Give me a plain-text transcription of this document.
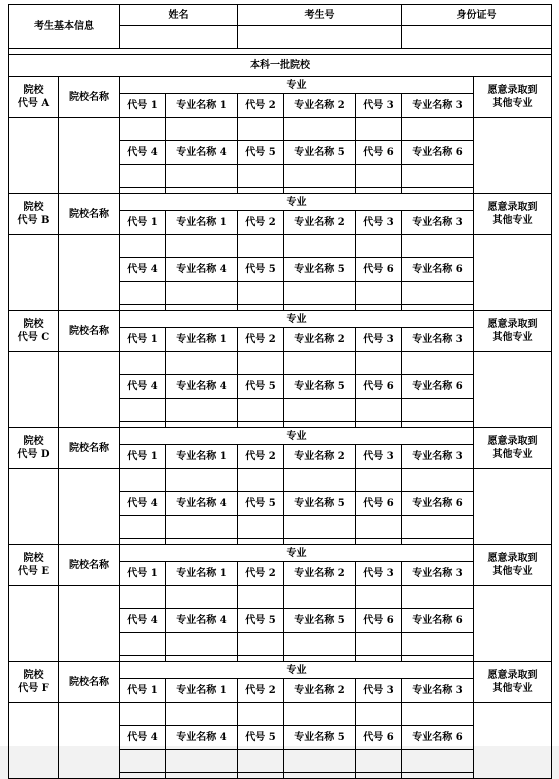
考生基本信息		姓名		考生号			身份证号	

本科一批院校								
院校
代号 A	院校名称	专业						愿意录取到
其他专业
		代号 1	专业名称 1	代号 2	专业名称 2	代号 3	专业名称 3	

		代号 4	专业名称 4	代号 5	专业名称 5	代号 6	专业名称 6	

院校
代号 B	院校名称	专业						愿意录取到
其他专业
		代号 1	专业名称 1	代号 2	专业名称 2	代号 3	专业名称 3	

		代号 4	专业名称 4	代号 5	专业名称 5	代号 6	专业名称 6	

院校
代号 C	院校名称	专业						愿意录取到
其他专业
		代号 1	专业名称 1	代号 2	专业名称 2	代号 3	专业名称 3	

		代号 4	专业名称 4	代号 5	专业名称 5	代号 6	专业名称 6	

院校
代号 D	院校名称	专业						愿意录取到
其他专业
		代号 1	专业名称 1	代号 2	专业名称 2	代号 3	专业名称 3	

		代号 4	专业名称 4	代号 5	专业名称 5	代号 6	专业名称 6	

院校
代号 E	院校名称	专业						愿意录取到
其他专业
		代号 1	专业名称 1	代号 2	专业名称 2	代号 3	专业名称 3	

		代号 4	专业名称 4	代号 5	专业名称 5	代号 6	专业名称 6	

院校
代号 F	院校名称	专业						愿意录取到
其他专业
		代号 1	专业名称 1	代号 2	专业名称 2	代号 3	专业名称 3	

		代号 4	专业名称 4	代号 5	专业名称 5	代号 6	专业名称 6	
